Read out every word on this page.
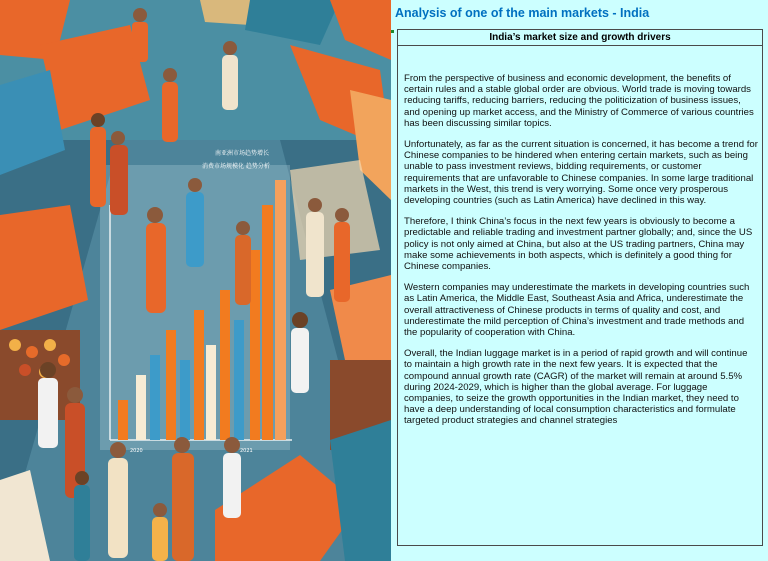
南亚洲市场趋势增长
消费市场规模化 趋势分析
2020	2021
Analysis of one of the main markets - India
India’s market size and growth drivers

From the perspective of business and economic development, the benefits of certain rules and a stable global order are obvious. World trade is moving towards reducing tariffs, reducing barriers, reducing the politicization of business issues, and opening up market access, and the Ministry of Commerce of various countries has been discussing similar topics.

Unfortunately, as far as the current situation is concerned, it has become a trend for Chinese companies to be hindered when entering certain markets, such as being unable to pass investment reviews, bidding requirements, or customer requirements that are unfavorable to Chinese companies. In some large traditional markets in the West, this trend is very worrying. Some once very prosperous developing countries (such as Latin America) have declined in this way.

Therefore, I think China’s focus in the next few years is obviously to become a predictable and reliable trading and investment partner globally; and, since the US policy is not only aimed at China, but also at the US trading partners, China may make some achievements in both aspects, which is definitely a good thing for Chinese companies.

Western companies may underestimate the markets in developing countries such as Latin America, the Middle East, Southeast Asia and Africa, underestimate the overall attractiveness of Chinese products in terms of quality and cost, and underestimate the mild perception of China’s investment and trade methods and the popularity of cooperation with China.

Overall, the Indian luggage market is in a period of rapid growth and will continue to maintain a high growth rate in the next few years. It is expected that the compound annual growth rate (CAGR) of the market will remain at around 5.5% during 2024-2029, which is higher than the global average. For luggage companies, to seize the growth opportunities in the Indian market, they need to have a deep understanding of local consumption characteristics and formulate targeted product strategies and channel strategies
